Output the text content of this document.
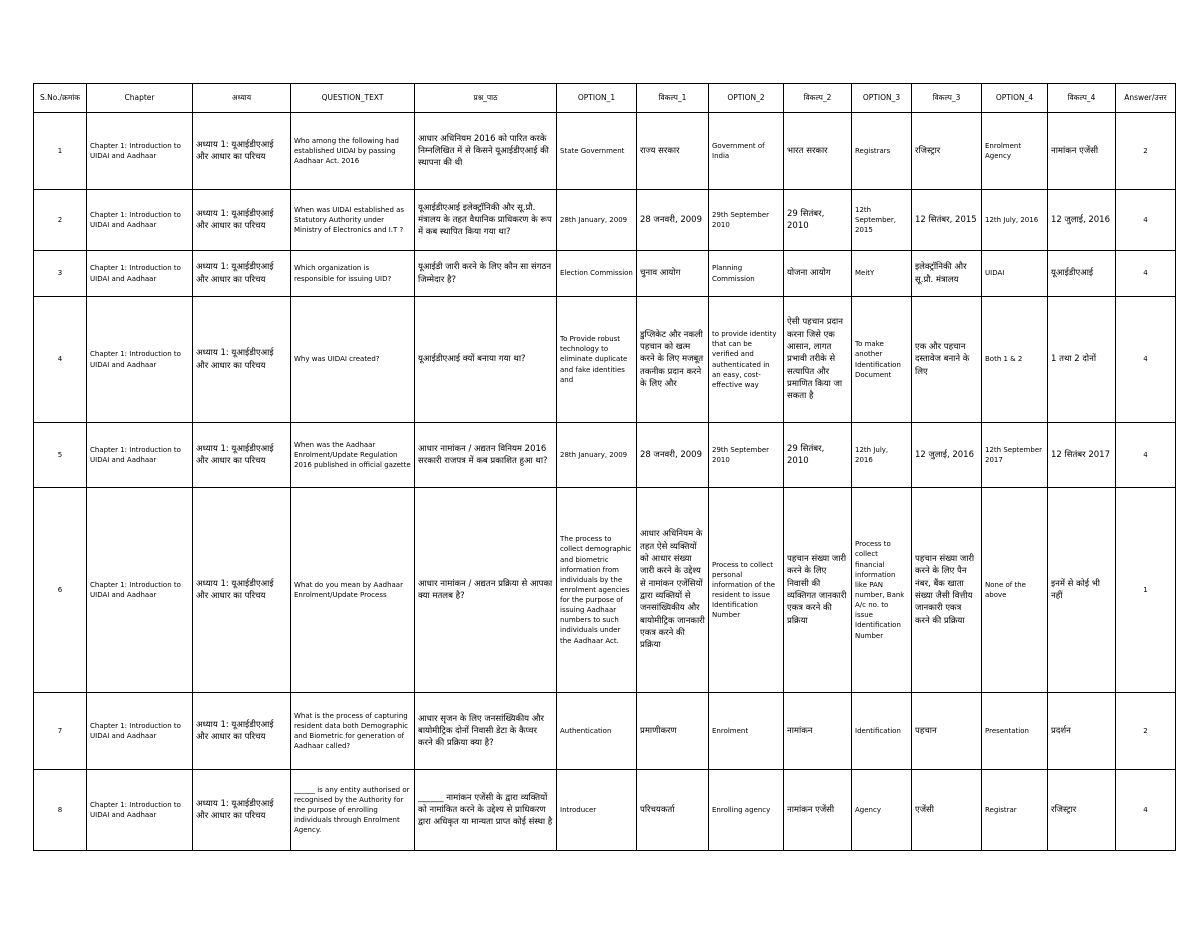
S.No./क्रमांक	Chapter	अध्याय	QUESTION_TEXT	प्रश्न_पाठ	OPTION_1	विकल्प_1	OPTION_2	विकल्प_2	OPTION_3	विकल्प_3	OPTION_4	विकल्प_4	Answer/उत्तर
1	Chapter 1: Introduction to UIDAI and Aadhaar	अध्याय 1: यूआईडीएआई और आधार का परिचय	Who among the following had established UIDAI by passing Aadhaar Act. 2016	आधार अधिनियम 2016 को पारित करके निम्नलिखित में से किसने यूआईडीएआई की स्थापना की थी	State Government	राज्य सरकार	Government of India	भारत सरकार	Registrars	रजिस्ट्रार	Enrolment Agency	नामांकन एजेंसी	2
2	Chapter 1: Introduction to UIDAI and Aadhaar	अध्याय 1: यूआईडीएआई और आधार का परिचय	When was UIDAI established as Statutory Authority under Ministry of Electronics and I.T ?	यूआईडीएआई इलेक्ट्रॉनिकी और सू.प्रौ. मंत्रालय के तहत वैधानिक प्राधिकरण के रूप में कब स्थापित किया गया था?	28th January, 2009	28 जनवरी, 2009	29th September 2010	29 सितंबर, 2010	12th September, 2015	12 सितंबर, 2015	12th July, 2016	12 जुलाई, 2016	4
3	Chapter 1: Introduction to UIDAI and Aadhaar	अध्याय 1: यूआईडीएआई और आधार का परिचय	Which organization is responsible for issuing UID?	यूआईडी जारी करने के लिए कौन सा संगठन जिम्मेदार है?	Election Commission	चुनाव आयोग	Planning Commission	योजना आयोग	MeitY	इलेक्ट्रॉनिकी और सू.प्रौ. मंत्रालय	UIDAI	यूआईडीएआई	4
4	Chapter 1: Introduction to UIDAI and Aadhaar	अध्याय 1: यूआईडीएआई और आधार का परिचय	Why was UIDAI created?	यूआईडीएआई क्यों बनाया गया था?	To Provide robust technology to eliminate duplicate and fake identities and	डुप्लिकेट और नकली पहचान को खत्म करने के लिए मजबूत तकनीक प्रदान करने के लिए और	to provide identity that can be verified and authenticated in an easy, cost-effective way	ऐसी पहचान प्रदान करना जिसे एक आसान, लागत प्रभावी तरीके से सत्यापित और प्रमाणित किया जा सकता है	To make another Identification Document	एक और पहचान दस्तावेज बनाने के लिए	Both 1 & 2	1 तथा 2 दोनों	4
5	Chapter 1: Introduction to UIDAI and Aadhaar	अध्याय 1: यूआईडीएआई और आधार का परिचय	When was the Aadhaar Enrolment/Update Regulation 2016 published in official gazette	आधार नामांकन / अद्यतन विनियम 2016 सरकारी राजपत्र में कब प्रकाशित हुआ था?	28th January, 2009	28 जनवरी, 2009	29th September 2010	29 सितंबर, 2010	12th July, 2016	12 जुलाई, 2016	12th September 2017	12 सितंबर 2017	4
6	Chapter 1: Introduction to UIDAI and Aadhaar	अध्याय 1: यूआईडीएआई और आधार का परिचय	What do you mean by Aadhaar Enrolment/Update Process	आधार नामांकन / अद्यतन प्रक्रिया से आपका क्या मतलब है?	The process to collect demographic and biometric information from individuals by the enrolment agencies for the purpose of issuing Aadhaar numbers to such individuals under the Aadhaar Act.	आधार अधिनियम के तहत ऐसे व्यक्तियों को आधार संख्या जारी करने के उद्देश्य से नामांकन एजेंसियों द्वारा व्यक्तियों से जनसांख्यिकीय और बायोमीट्रिक जानकारी एकत्र करने की प्रक्रिया	Process to collect personal information of the resident to issue Identification Number	पहचान संख्या जारी करने के लिए निवासी की व्यक्तिगत जानकारी एकत्र करने की प्रक्रिया	Process to collect financial information like PAN number, Bank A/c no. to issue Identification Number	पहचान संख्या जारी करने के लिए पैन नंबर, बैंक खाता संख्या जैसी वित्तीय जानकारी एकत्र करने की प्रक्रिया	None of the above	इनमें से कोई भी नहीं	1
7	Chapter 1: Introduction to UIDAI and Aadhaar	अध्याय 1: यूआईडीएआई और आधार का परिचय	What is the process of capturing resident data both Demographic and Biometric for generation of Aadhaar called?	आधार सृजन के लिए जनसांख्यिकीय और बायोमीट्रिक दोनों निवासी डेटा के कैप्चर करने की प्रक्रिया क्या है?	Authentication	प्रमाणीकरण	Enrolment	नामांकन	Identification	पहचान	Presentation	प्रदर्शन	2
8	Chapter 1: Introduction to UIDAI and Aadhaar	अध्याय 1: यूआईडीएआई और आधार का परिचय	______ is any entity authorised or recognised by the Authority for the purpose of enrolling individuals through Enrolment Agency.	______ नामांकन एजेंसी के द्वारा व्यक्तियों को नामांकित करने के उद्देश्य से प्राधिकरण द्वारा अधिकृत या मान्यता प्राप्त कोई संस्था है	Introducer	परिचयकर्ता	Enrolling agency	नामांकन एजेंसी	Agency	एजेंसी	Registrar	रजिस्ट्रार	4
